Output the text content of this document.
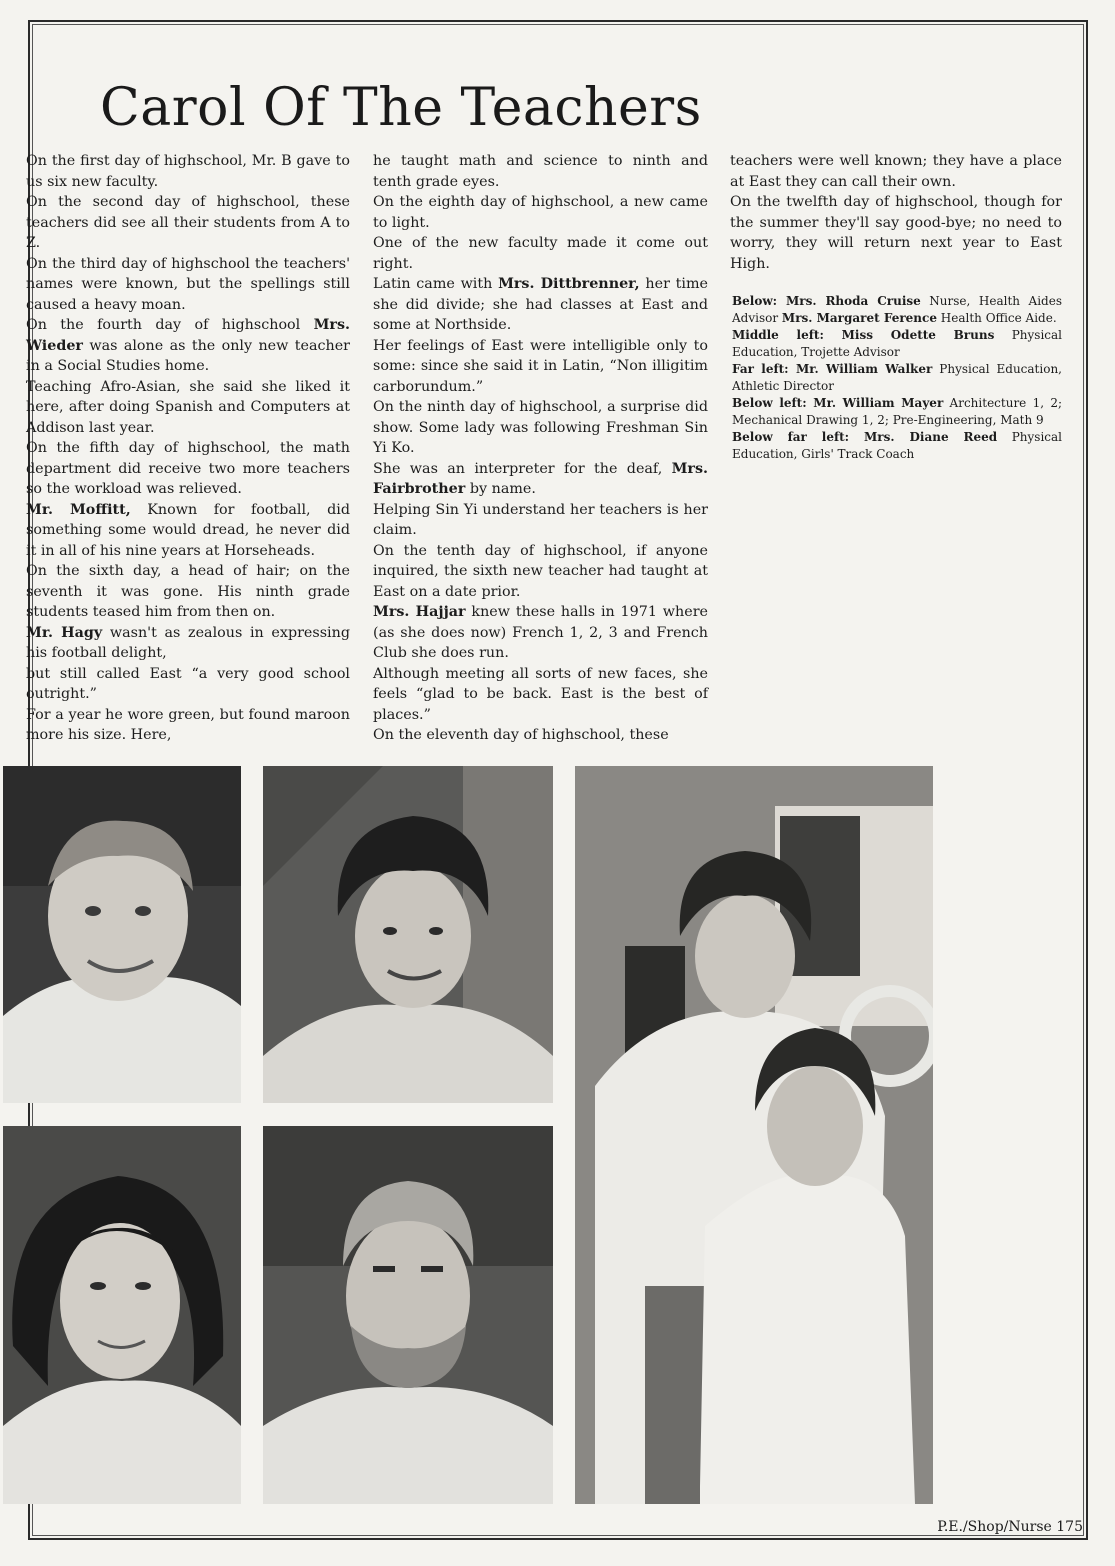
Carol Of The Teachers

On the first day of highschool, Mr. B gave to us six new faculty.

On the second day of highschool, these teachers did see all their students from A to Z.

On the third day of highschool the teachers' names were known, but the spellings still caused a heavy moan.

On the fourth day of highschool Mrs. Wieder was alone as the only new teacher in a Social Studies home.

Teaching Afro-Asian, she said she liked it here, after doing Spanish and Computers at Addison last year.

On the fifth day of highschool, the math department did receive two more teachers so the workload was relieved.

Mr. Moffitt, Known for football, did something some would dread, he never did it in all of his nine years at Horseheads.

On the sixth day, a head of hair; on the seventh it was gone. His ninth grade students teased him from then on.

Mr. Hagy wasn't as zealous in expressing his football delight,

but still called East “a very good school outright.”

For a year he wore green, but found maroon more his size. Here,

he taught math and science to ninth and tenth grade eyes.

On the eighth day of highschool, a new came to light.

One of the new faculty made it come out right.

Latin came with Mrs. Dittbrenner, her time she did divide; she had classes at East and some at Northside.

Her feelings of East were intelligible only to some: since she said it in Latin, “Non illigitim carborundum.”

On the ninth day of highschool, a surprise did show. Some lady was following Freshman Sin Yi Ko.

She was an interpreter for the deaf, Mrs. Fairbrother by name.

Helping Sin Yi understand her teachers is her claim.

On the tenth day of highschool, if anyone inquired, the sixth new teacher had taught at East on a date prior.

Mrs. Hajjar knew these halls in 1971 where (as she does now) French 1, 2, 3 and French Club she does run.

Although meeting all sorts of new faces, she feels “glad to be back. East is the best of places.”

On the eleventh day of highschool, these

teachers were well known; they have a place at East they can call their own.

On the twelfth day of highschool, though for the summer they'll say good-bye; no need to worry, they will return next year to East High.

Below: Mrs. Rhoda Cruise Nurse, Health Aides Advisor Mrs. Margaret Ference Health Office Aide.

Middle left: Miss Odette Bruns Physical Education, Trojette Advisor

Far left: Mr. William Walker Physical Education, Athletic Director

Below left: Mr. William Mayer Architecture 1, 2; Mechanical Drawing 1, 2; Pre-Engineering, Math 9

Below far left: Mrs. Diane Reed Physical Education, Girls' Track Coach

P.E./Shop/Nurse 175
